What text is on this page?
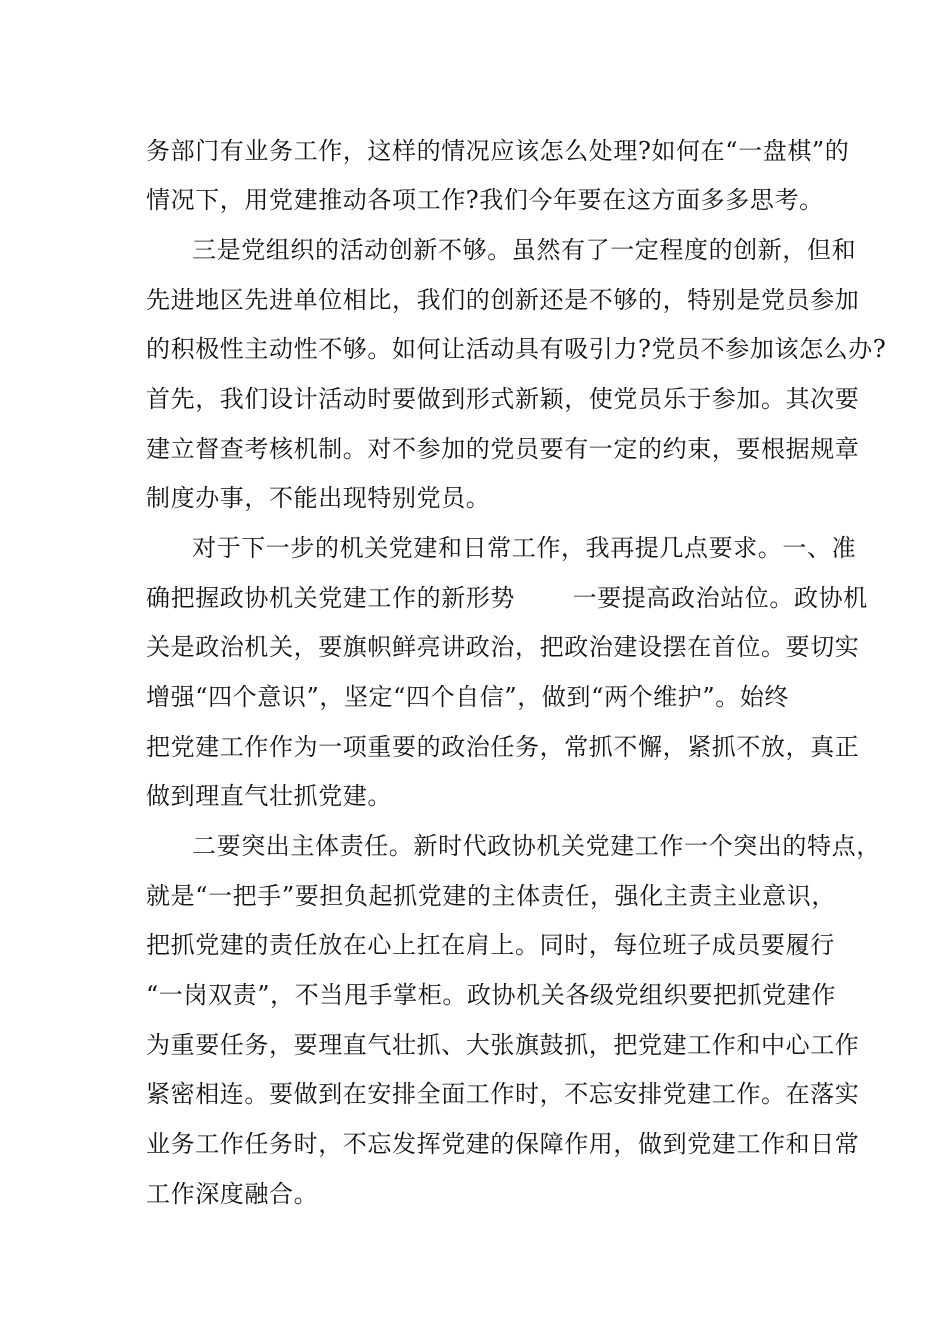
务部门有业务工作，这样的情况应该怎么处理?如何在“一盘棋”的
情况下，用党建推动各项工作?我们今年要在这方面多多思考。
三是党组织的活动创新不够。虽然有了一定程度的创新，但和
先进地区先进单位相比，我们的创新还是不够的，特别是党员参加
的积极性主动性不够。如何让活动具有吸引力?党员不参加该怎么办?
首先，我们设计活动时要做到形式新颖，使党员乐于参加。其次要
建立督查考核机制。对不参加的党员要有一定的约束，要根据规章
制度办事，不能出现特别党员。
对于下一步的机关党建和日常工作，我再提几点要求。一、准
确把握政协机关党建工作的新形势       一要提高政治站位。政协机
关是政治机关，要旗帜鲜亮讲政治，把政治建设摆在首位。要切实
增强“四个意识”，坚定“四个自信”，做到“两个维护”。始终
把党建工作作为一项重要的政治任务，常抓不懈，紧抓不放，真正
做到理直气壮抓党建。
二要突出主体责任。新时代政协机关党建工作一个突出的特点，
就是“一把手”要担负起抓党建的主体责任，强化主责主业意识，
把抓党建的责任放在心上扛在肩上。同时，每位班子成员要履行
“一岗双责”，不当甩手掌柜。政协机关各级党组织要把抓党建作
为重要任务，要理直气壮抓、大张旗鼓抓，把党建工作和中心工作
紧密相连。要做到在安排全面工作时，不忘安排党建工作。在落实
业务工作任务时，不忘发挥党建的保障作用，做到党建工作和日常
工作深度融合。
